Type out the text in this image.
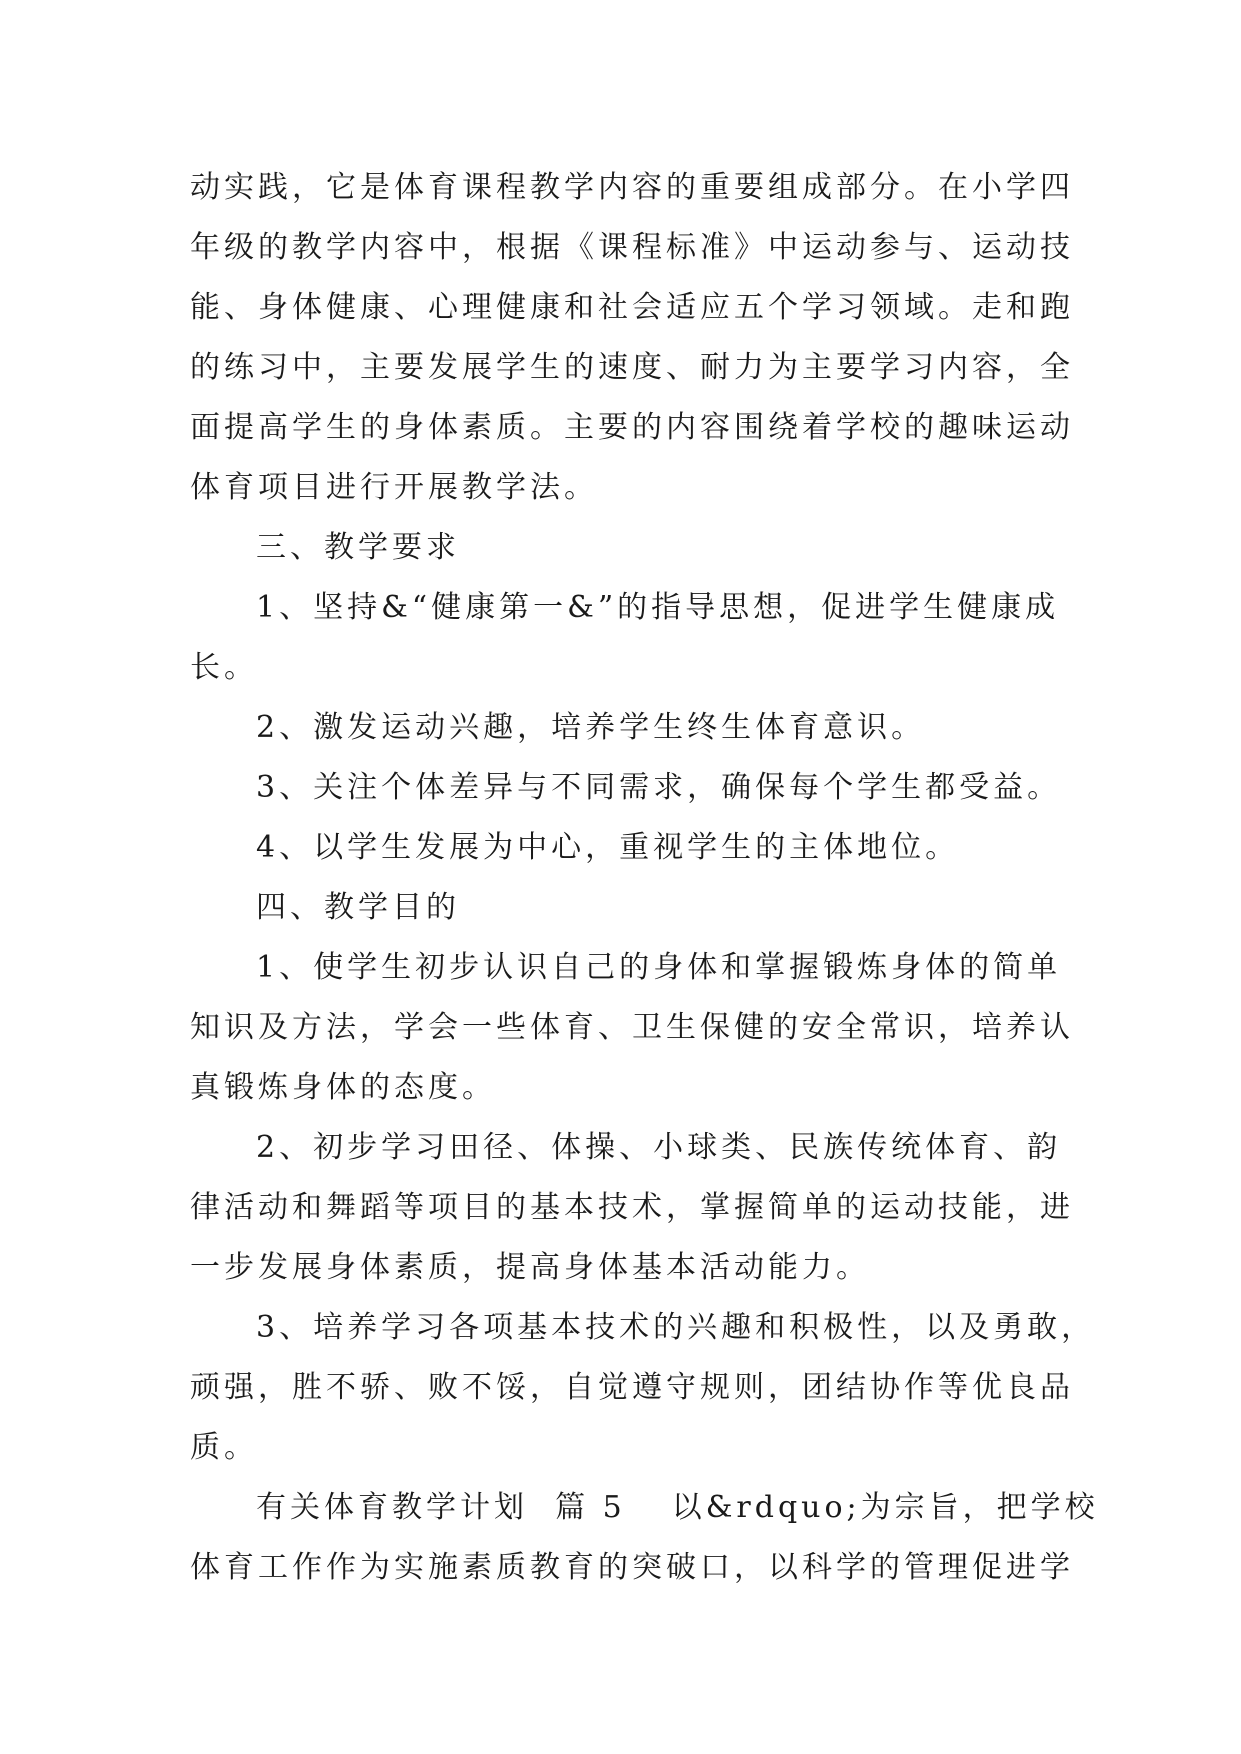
动实践，它是体育课程教学内容的重要组成部分。在小学四
年级的教学内容中，根据《课程标准》中运动参与、运动技
能、身体健康、心理健康和社会适应五个学习领域。走和跑
的练习中，主要发展学生的速度、耐力为主要学习内容，全
面提高学生的身体素质。主要的内容围绕着学校的趣味运动
体育项目进行开展教学法。
三、教学要求
1、坚持&“健康第一&”的指导思想，促进学生健康成
长。
2、激发运动兴趣，培养学生终生体育意识。
3、关注个体差异与不同需求，确保每个学生都受益。
4、以学生发展为中心，重视学生的主体地位。
四、教学目的
1、使学生初步认识自己的身体和掌握锻炼身体的简单
知识及方法，学会一些体育、卫生保健的安全常识，培养认
真锻炼身体的态度。
2、初步学习田径、体操、小球类、民族传统体育、韵
律活动和舞蹈等项目的基本技术，掌握简单的运动技能，进
一步发展身体素质，提高身体基本活动能力。
3、培养学习各项基本技术的兴趣和积极性，以及勇敢，
顽强，胜不骄、败不馁，自觉遵守规则，团结协作等优良品
质。
有关体育教学计划  篇 5 以&rdquo;为宗旨，把学校
体育工作作为实施素质教育的突破口，以科学的管理促进学
